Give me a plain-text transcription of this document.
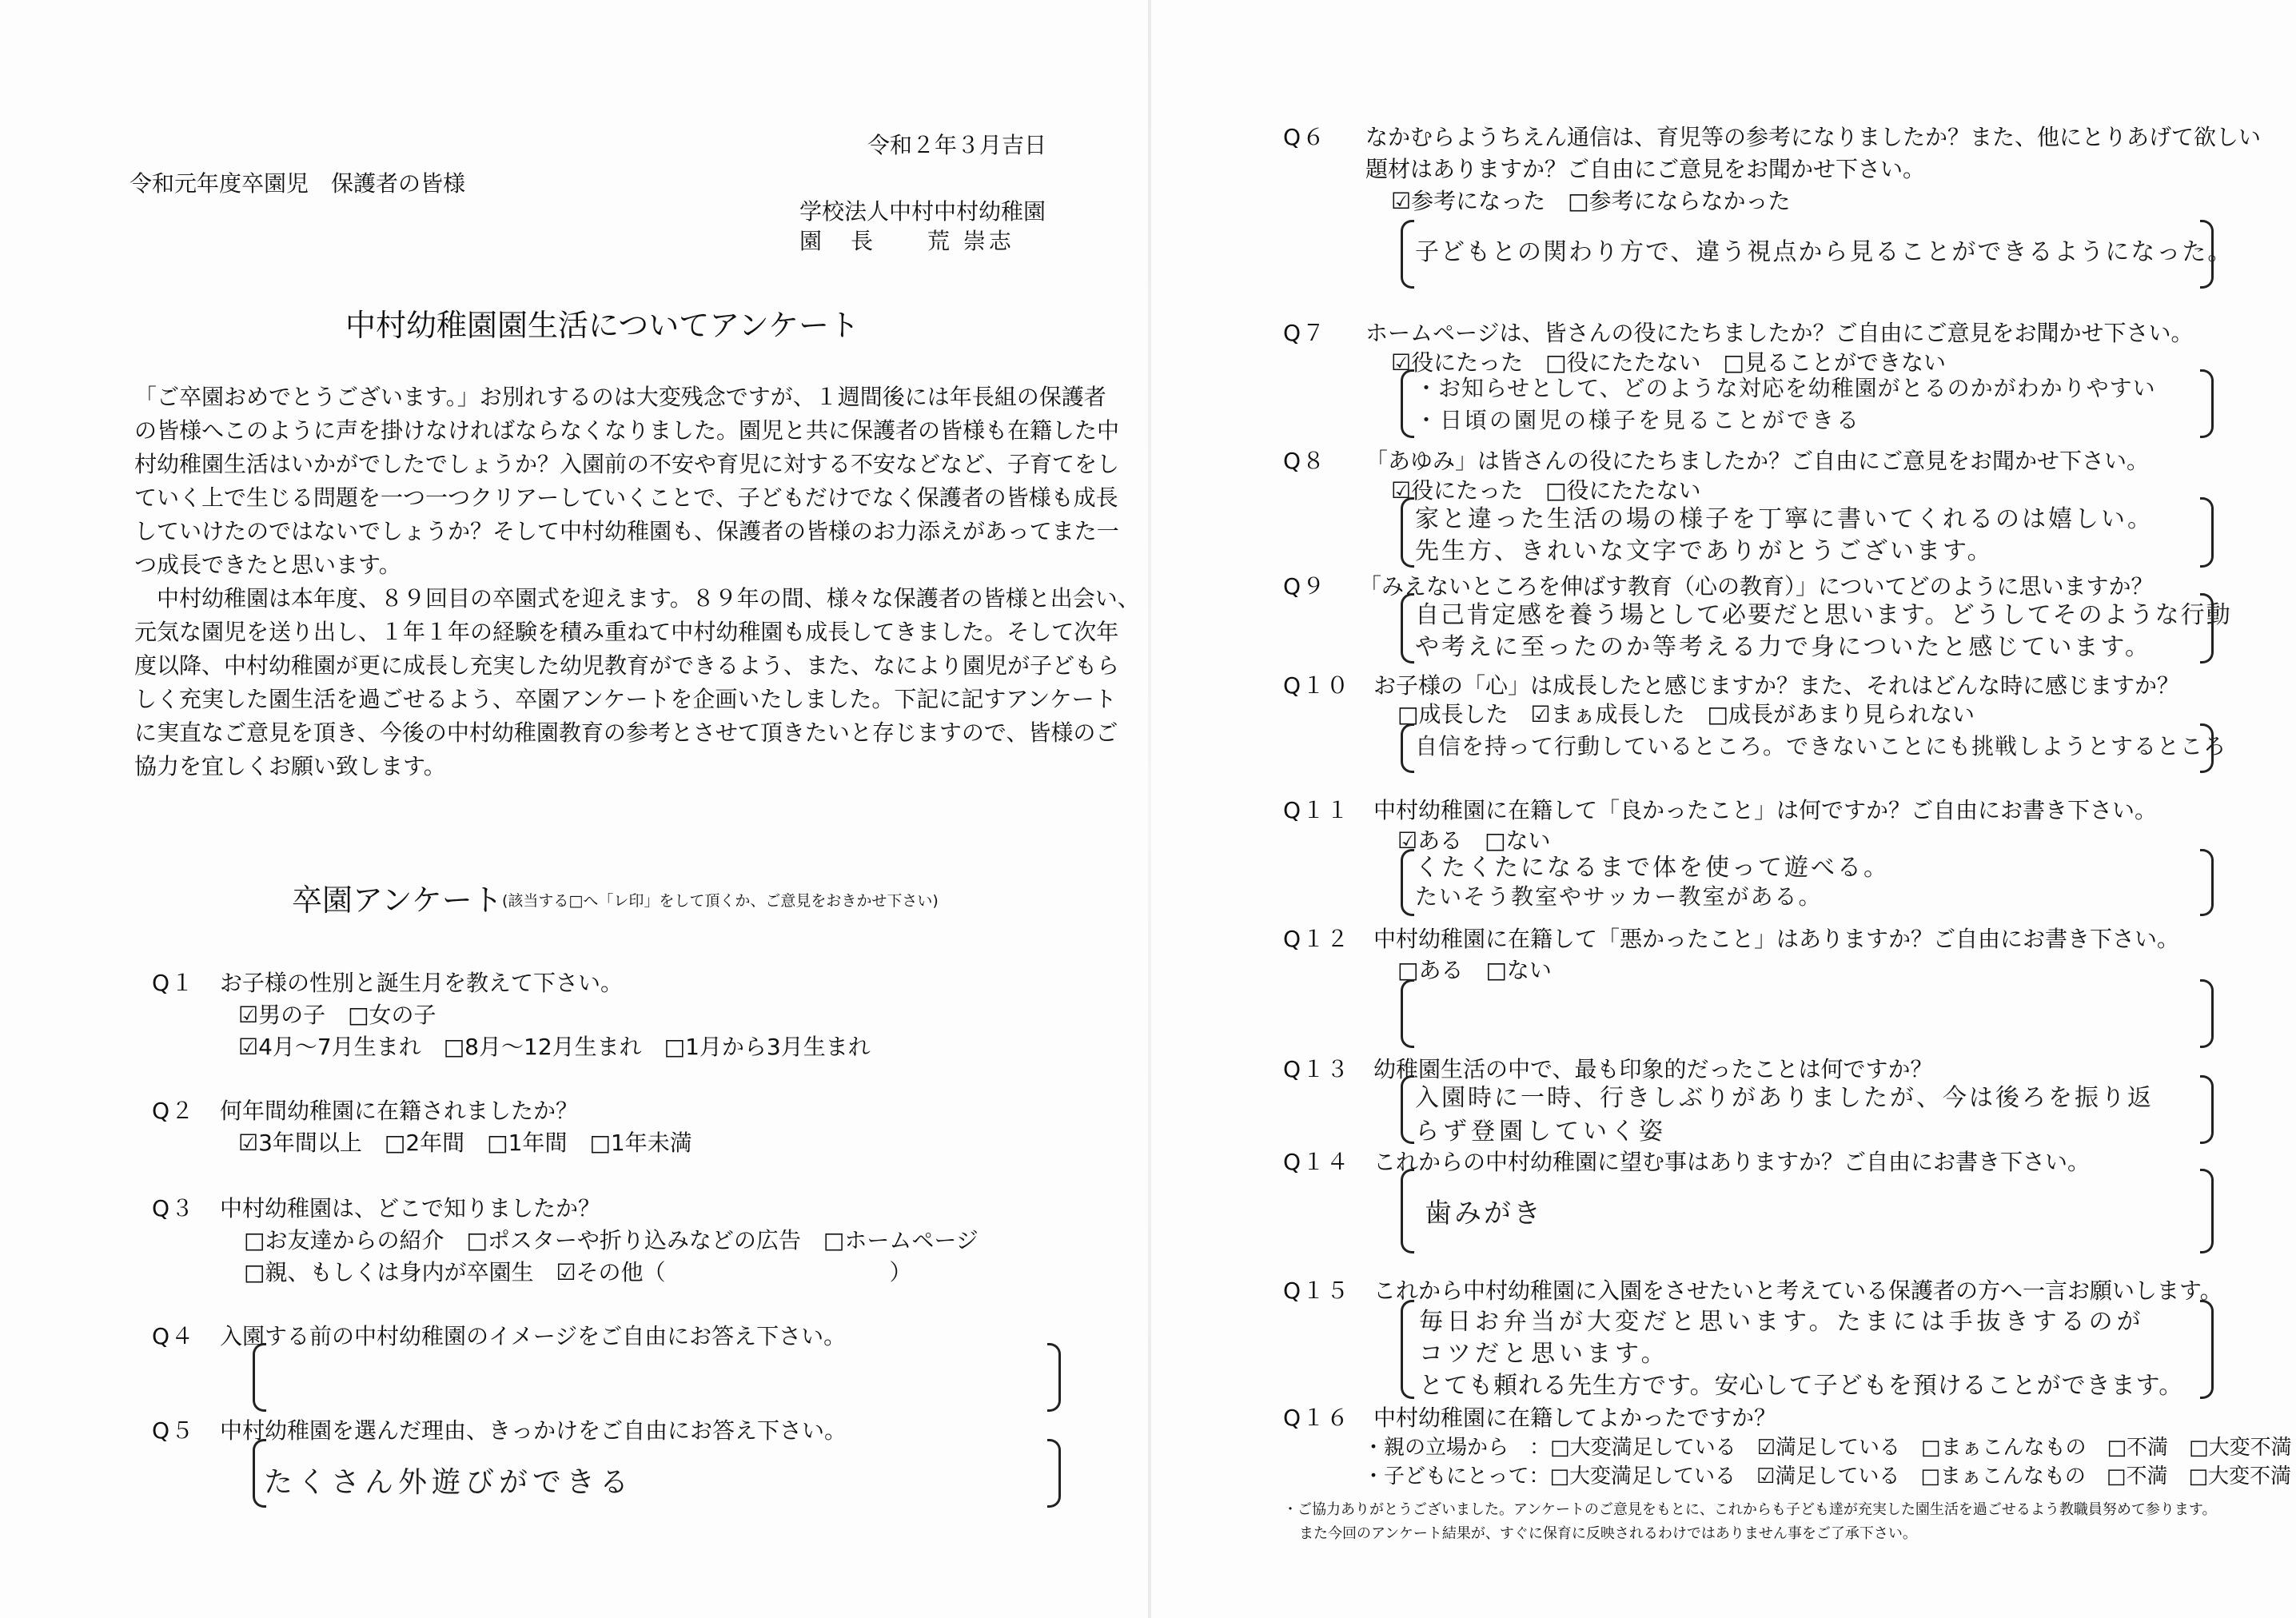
令和２年３月吉日
令和元年度卒園児　保護者の皆様
学校法人中村中村幼稚園
園　長　　荒 崇志
中村幼稚園園生活についてアンケート
「ご卒園おめでとうございます。」お別れするのは大変残念ですが、１週間後には年長組の保護者
の皆様へこのように声を掛けなければならなくなりました。園児と共に保護者の皆様も在籍した中
村幼稚園生活はいかがでしたでしょうか？入園前の不安や育児に対する不安などなど、子育てをし
ていく上で生じる問題を一つ一つクリアーしていくことで、子どもだけでなく保護者の皆様も成長
していけたのではないでしょうか？そして中村幼稚園も、保護者の皆様のお力添えがあってまた一
つ成長できたと思います。
　中村幼稚園は本年度、８９回目の卒園式を迎えます。８９年の間、様々な保護者の皆様と出会い、
元気な園児を送り出し、１年１年の経験を積み重ねて中村幼稚園も成長してきました。そして次年
度以降、中村幼稚園が更に成長し充実した幼児教育ができるよう、また、なにより園児が子どもら
しく充実した園生活を過ごせるよう、卒園アンケートを企画いたしました。下記に記すアンケート
に実直なご意見を頂き、今後の中村幼稚園教育の参考とさせて頂きたいと存じますので、皆様のご
協力を宜しくお願い致します。
卒園アンケート (該当する□へ「レ印」をして頂くか、ご意見をおきかせ下さい)
Q１ お子様の性別と誕生月を教えて下さい。
☑男の子　□女の子
☑4月～7月生まれ　□8月～12月生まれ　□1月から3月生まれ
Q２ 何年間幼稚園に在籍されましたか？
☑3年間以上　□2年間　□1年間　□1年未満
Q３ 中村幼稚園は、どこで知りましたか？
□お友達からの紹介　□ポスターや折り込みなどの広告　□ホームページ
□親、もしくは身内が卒園生　☑その他（　　　　　　　　　　）
Q４ 入園する前の中村幼稚園のイメージをご自由にお答え下さい。
Q５ 中村幼稚園を選んだ理由、きっかけをご自由にお答え下さい。
たくさん外遊びができる
Q６ なかむらようちえん通信は、育児等の参考になりましたか？また、他にとりあげて欲しい
題材はありますか？ご自由にご意見をお聞かせ下さい。
☑参考になった　□参考にならなかった
子どもとの関わり方で、違う視点から見ることができるようになった。
Q７ ホームページは、皆さんの役にたちましたか？ご自由にご意見をお聞かせ下さい。
☑役にたった　□役にたたない　□見ることができない
・お知らせとして、どのような対応を幼稚園がとるのかがわかりやすい
・日頃の園児の様子を見ることができる
Q８ 「あゆみ」は皆さんの役にたちましたか？ご自由にご意見をお聞かせ下さい。
☑役にたった　□役にたたない
家と違った生活の場の様子を丁寧に書いてくれるのは嬉しい。
先生方、きれいな文字でありがとうございます。
Q９ 「みえないところを伸ばす教育（心の教育）」についてどのように思いますか？
自己肯定感を養う場として必要だと思います。どうしてそのような行動
や考えに至ったのか等考える力で身についたと感じています。
Q１０ お子様の「心」は成長したと感じますか？また、それはどんな時に感じますか？
□成長した　☑まぁ成長した　□成長があまり見られない
自信を持って行動しているところ。できないことにも挑戦しようとするところ
Q１１ 中村幼稚園に在籍して「良かったこと」は何ですか？ご自由にお書き下さい。
☑ある　□ない
くたくたになるまで体を使って遊べる。
たいそう教室やサッカー教室がある。
Q１２ 中村幼稚園に在籍して「悪かったこと」はありますか？ご自由にお書き下さい。
□ある　□ない
Q１３ 幼稚園生活の中で、最も印象的だったことは何ですか？
入園時に一時、行きしぶりがありましたが、今は後ろを振り返
らず登園していく姿
Q１４ これからの中村幼稚園に望む事はありますか？ご自由にお書き下さい。
歯みがき
Q１５ これから中村幼稚園に入園をさせたいと考えている保護者の方へ一言お願いします。
毎日お弁当が大変だと思います。たまには手抜きするのが
コツだと思います。
とても頼れる先生方です。安心して子どもを預けることができます。
Q１６ 中村幼稚園に在籍してよかったですか？
・親の立場から　：□大変満足している　☑満足している　□まぁこんなもの　□不満　□大変不満
・子どもにとって：□大変満足している　☑満足している　□まぁこんなもの　□不満　□大変不満
・ご協力ありがとうございました。アンケートのご意見をもとに、これからも子ども達が充実した園生活を過ごせるよう教職員努めて参ります。
また今回のアンケート結果が、すぐに保育に反映されるわけではありません事をご了承下さい。
